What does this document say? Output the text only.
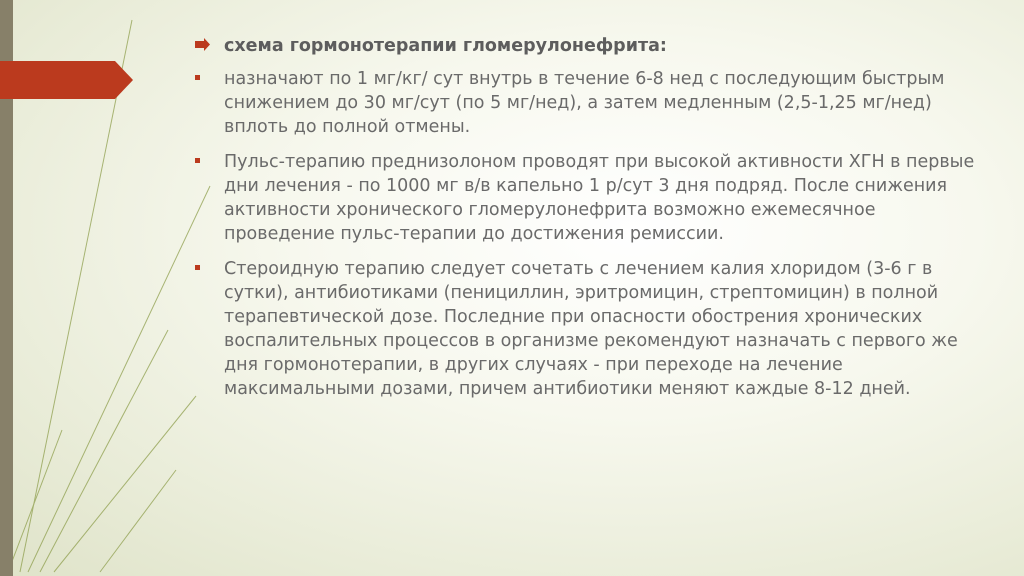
схема гормонотерапии гломерулонефрита:
назначают по 1 мг/кг/ сут внутрь в течение 6-8 нед с последующим быстрым снижением до 30 мг/сут (по 5 мг/нед), а затем медленным (2,5-1,25 мг/нед) вплоть до полной отмены.
Пульс-терапию преднизолоном проводят при высокой активности ХГН в первые дни лечения - по 1000 мг в/в капельно 1 р/сут 3 дня подряд. После снижения активности хронического гломерулонефрита возможно ежемесячное проведение пульс-терапии до достижения ремиссии.
Стероидную терапию следует сочетать с лечением калия хлоридом (3-6 г в сутки), антибиотиками (пенициллин, эритромицин, стрептомицин) в полной терапевтической дозе. Последние при опасности обострения хронических воспалительных процессов в организме рекомендуют назначать с первого же дня гормонотерапии, в других случаях - при переходе на лечение максимальными дозами, причем антибиотики меняют каждые 8-12 дней.
